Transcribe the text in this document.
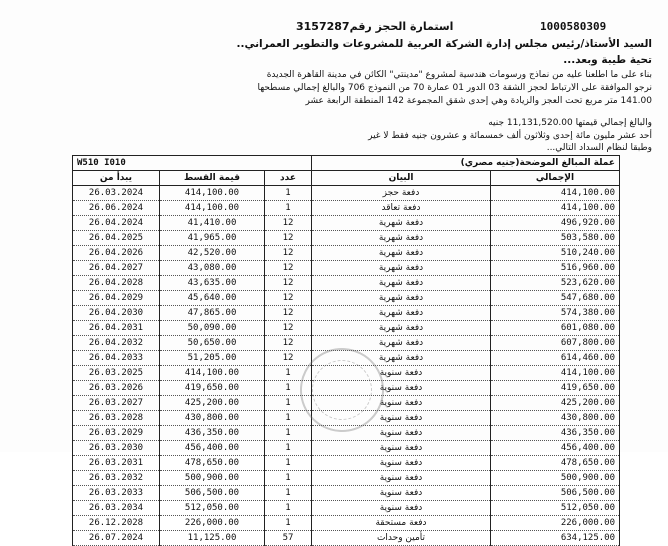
1000580309
استمارة الحجز رقم3157287
السيد الأستاذ/رئيس مجلس إدارة الشركة العربية للمشروعات والتطوير العمراني..
تحية طيبة وبعد...
بناء على ما اطلعنا عليه من نماذج ورسومات هندسية لمشروع "مدينتي" الكائن في مدينة القاهرة الجديدة
نرجو الموافقة على الارتباط لحجز الشقة 03 الدور 01 عمارة 70 من النموذج 706 والبالغ إجمالي مسطحها
141.00 متر مربع تحت العجز والزيادة وهي إحدى شقق المجموعة 142 المنطقة الرابعة عشر
والبالغ إجمالي قيمتها 11,131,520.00 جنيه
أحد عشر مليون مائة إحدى وثلاثون ألف خمسمائة و عشرون جنيه فقط لا غير
وطبقا لنظام السداد التالي...
W510 I010			عملة المبالغ الموضحة(جنيه مصري)	
يبدأ من	قيمة القسط	عدد	البيان	الإجمالي
26.03.2024	414,100.00	1	دفعة حجز	414,100.00
26.06.2024	414,100.00	1	دفعة تعاقد	414,100.00
26.04.2024	41,410.00	12	دفعة شهرية	496,920.00
26.04.2025	41,965.00	12	دفعة شهرية	503,580.00
26.04.2026	42,520.00	12	دفعة شهرية	510,240.00
26.04.2027	43,080.00	12	دفعة شهرية	516,960.00
26.04.2028	43,635.00	12	دفعة شهرية	523,620.00
26.04.2029	45,640.00	12	دفعة شهرية	547,680.00
26.04.2030	47,865.00	12	دفعة شهرية	574,380.00
26.04.2031	50,090.00	12	دفعة شهرية	601,080.00
26.04.2032	50,650.00	12	دفعة شهرية	607,800.00
26.04.2033	51,205.00	12	دفعة شهرية	614,460.00
26.03.2025	414,100.00	1	دفعة سنوية	414,100.00
26.03.2026	419,650.00	1	دفعة سنوية	419,650.00
26.03.2027	425,200.00	1	دفعة سنوية	425,200.00
26.03.2028	430,800.00	1	دفعة سنوية	430,800.00
26.03.2029	436,350.00	1	دفعة سنوية	436,350.00
26.03.2030	456,400.00	1	دفعة سنوية	456,400.00
26.03.2031	478,650.00	1	دفعة سنوية	478,650.00
26.03.2032	500,900.00	1	دفعة سنوية	500,900.00
26.03.2033	506,500.00	1	دفعة سنوية	506,500.00
26.03.2034	512,050.00	1	دفعة سنوية	512,050.00
26.12.2028	226,000.00	1	دفعة مستحقة	226,000.00
26.07.2024	11,125.00	57	تأمين وحدات	634,125.00
